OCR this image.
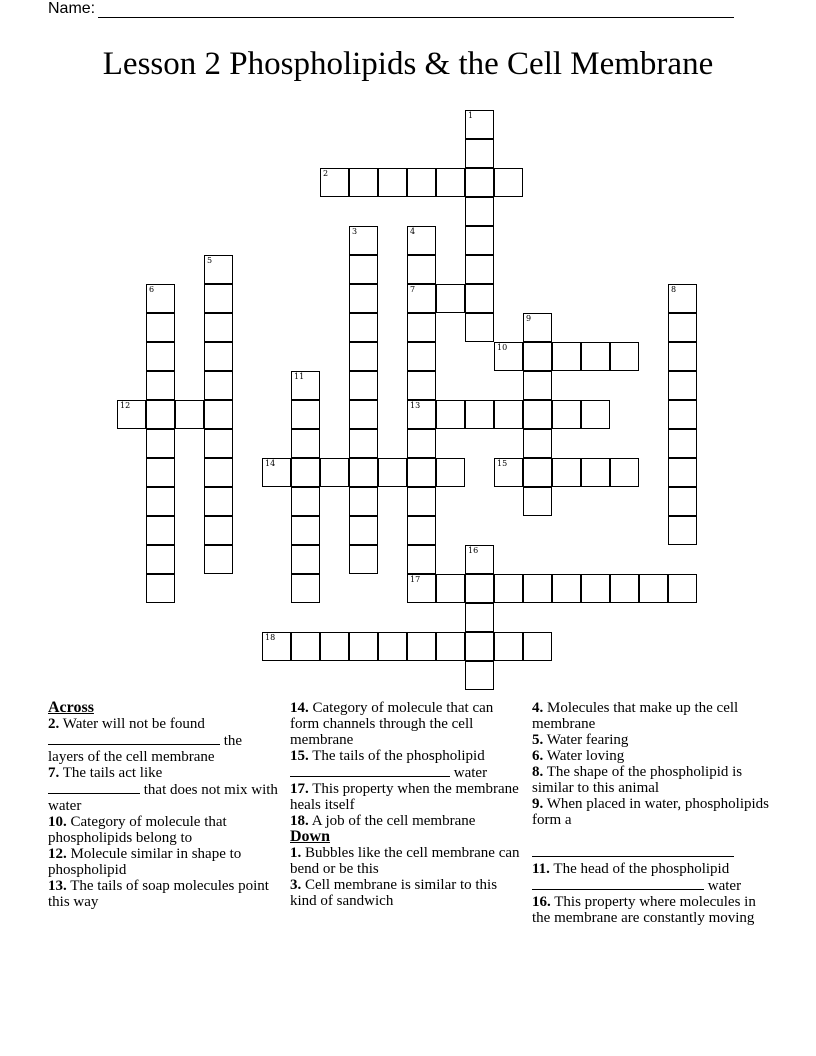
Name:
Lesson 2 Phospholipids & the Cell Membrane
1
2
3	4
7
13
17
5
6	8
9
10
11
12
14	15
16
18
Across

2. Water will not be found
the layers of the cell membrane

7. The tails act like
that does not mix with water

10. Category of molecule that phospholipids belong to

12. Molecule similar in shape to phospholipid

13. The tails of soap molecules point this way

14. Category of molecule that can form channels through the cell membrane

15. The tails of the phospholipid
water

17. This property when the membrane heals itself

18. A job of the cell membrane

Down

1. Bubbles like the cell membrane can bend or be this

3. Cell membrane is similar to this kind of sandwich

4. Molecules that make up the cell membrane

5. Water fearing

6. Water loving

8. The shape of the phospholipid is similar to this animal

9. When placed in water, phospholipids form a

11. The head of the phospholipid
water

16. This property where molecules in the membrane are constantly moving
